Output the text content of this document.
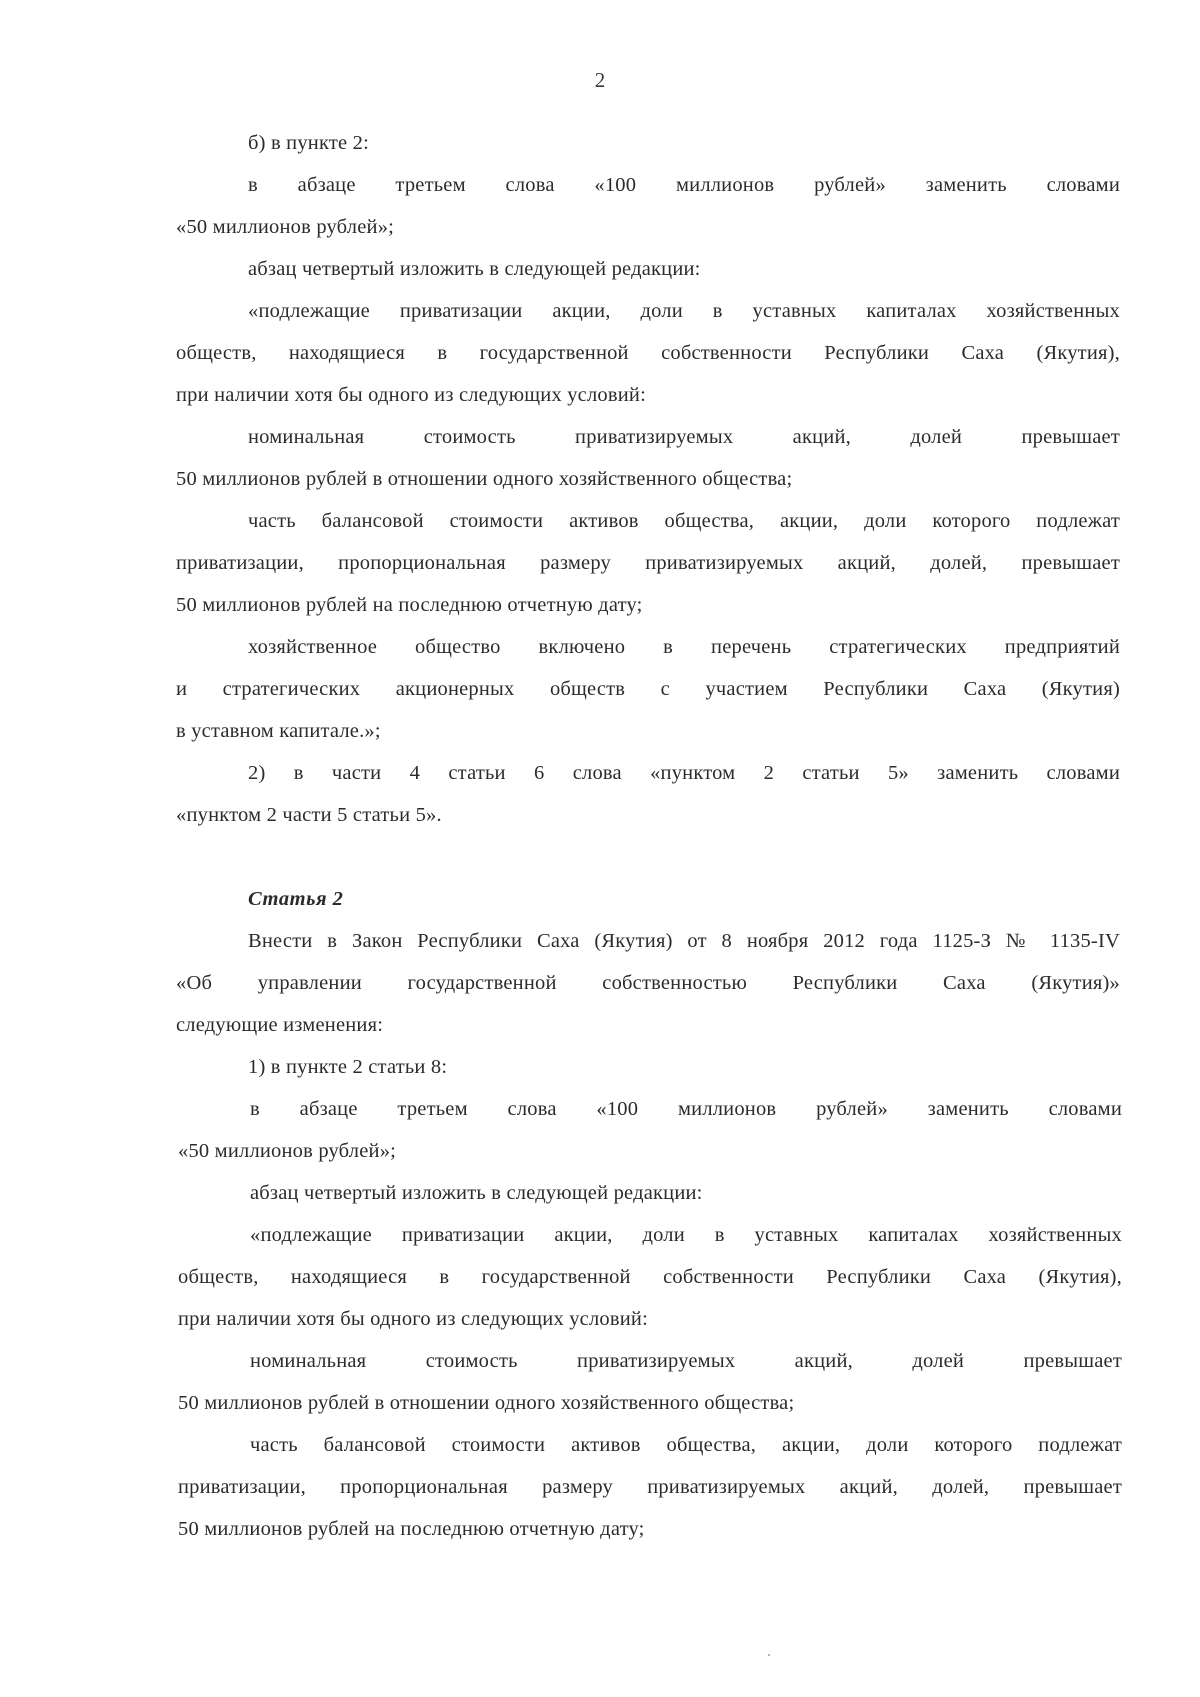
2
б) в пункте 2:
в абзаце третьем слова «100 миллионов рублей» заменить словами
«50 миллионов рублей»;
абзац четвертый изложить в следующей редакции:
«подлежащие приватизации акции, доли в уставных капиталах хозяйственных
обществ, находящиеся в государственной собственности Республики Саха (Якутия),
при наличии хотя бы одного из следующих условий:
номинальная стоимость приватизируемых акций, долей превышает
50 миллионов рублей в отношении одного хозяйственного общества;
часть балансовой стоимости активов общества, акции, доли которого подлежат
приватизации, пропорциональная размеру приватизируемых акций, долей, превышает
50 миллионов рублей на последнюю отчетную дату;
хозяйственное общество включено в перечень стратегических предприятий
и стратегических акционерных обществ с участием Республики Саха (Якутия)
в уставном капитале.»;
2) в части 4 статьи 6 слова «пунктом 2 статьи 5» заменить словами
«пунктом 2 части 5 статьи 5».
Статья 2
Внести в Закон Республики Саха (Якутия) от 8 ноября 2012 года 1125-З № 1135-IV
«Об управлении государственной собственностью Республики Саха (Якутия)»
следующие изменения:
1) в пункте 2 статьи 8:
в абзаце третьем слова «100 миллионов рублей» заменить словами
«50 миллионов рублей»;
абзац четвертый изложить в следующей редакции:
«подлежащие приватизации акции, доли в уставных капиталах хозяйственных
обществ, находящиеся в государственной собственности Республики Саха (Якутия),
при наличии хотя бы одного из следующих условий:
номинальная стоимость приватизируемых акций, долей превышает
50 миллионов рублей в отношении одного хозяйственного общества;
часть балансовой стоимости активов общества, акции, доли которого подлежат
приватизации, пропорциональная размеру приватизируемых акций, долей, превышает
50 миллионов рублей на последнюю отчетную дату;
